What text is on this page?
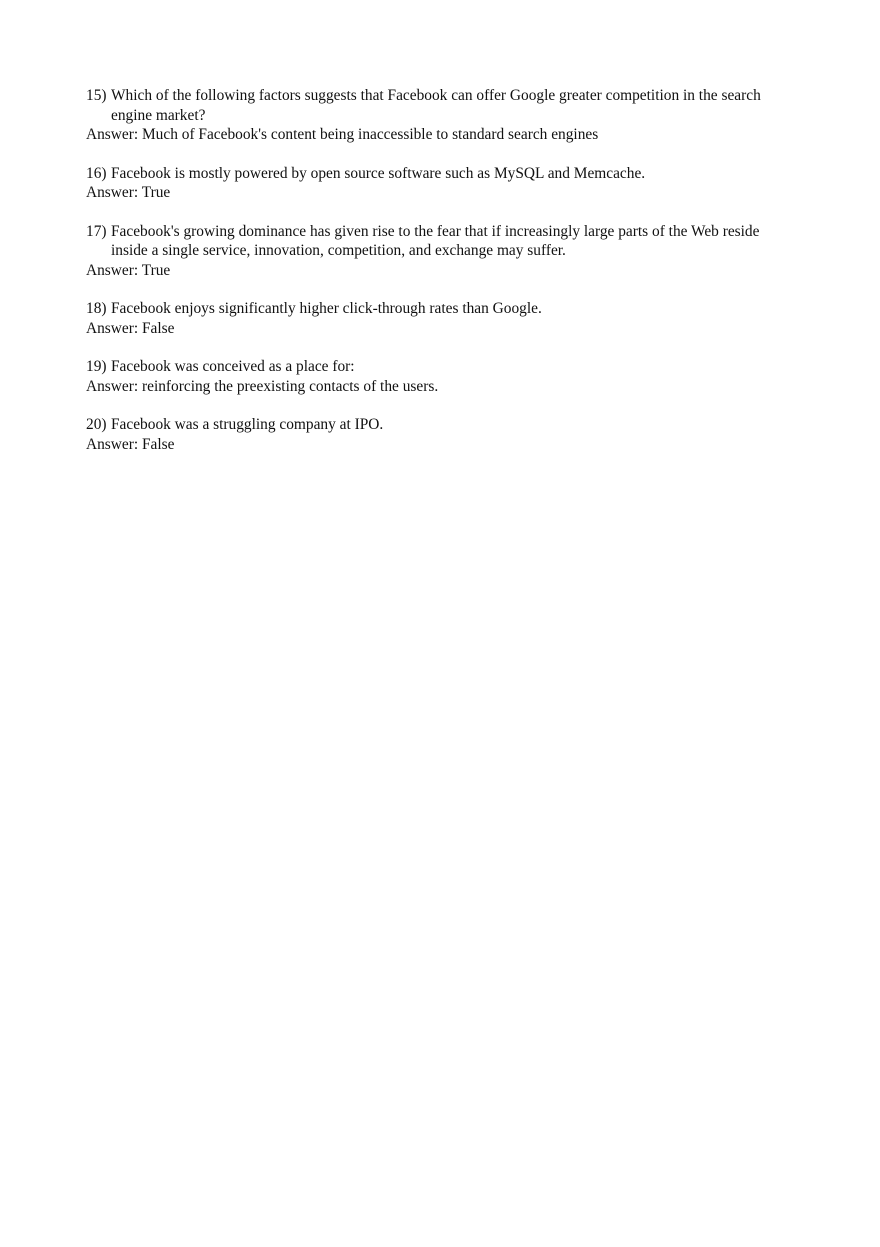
15) Which of the following factors suggests that Facebook can offer Google greater competition in the search engine market?
Answer: Much of Facebook's content being inaccessible to standard search engines
16) Facebook is mostly powered by open source software such as MySQL and Memcache.
Answer: True
17) Facebook's growing dominance has given rise to the fear that if increasingly large parts of the Web reside inside a single service, innovation, competition, and exchange may suffer.
Answer: True
18) Facebook enjoys significantly higher click-through rates than Google.
Answer: False
19) Facebook was conceived as a place for:
Answer: reinforcing the preexisting contacts of the users.
20) Facebook was a struggling company at IPO.
Answer: False
